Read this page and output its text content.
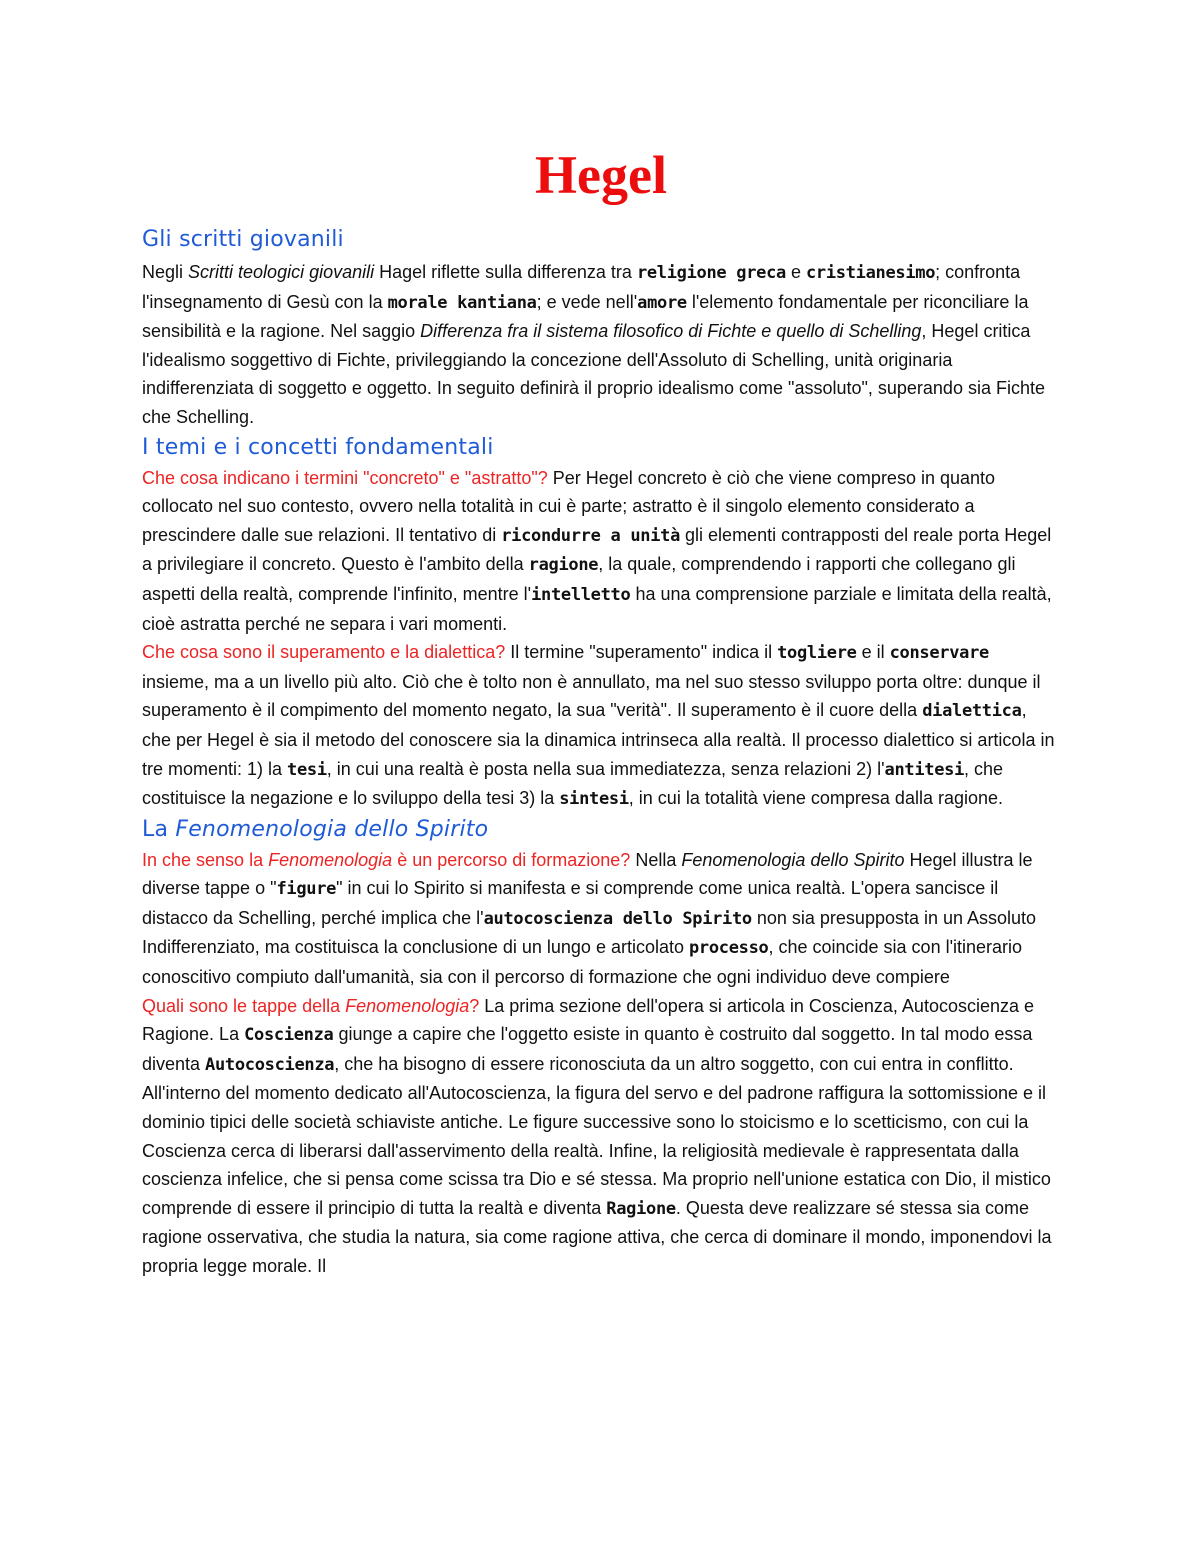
Hegel
Gli scritti giovanili

Negli Scritti teologici giovanili Hagel riflette sulla differenza tra religione greca e cristianesimo; confronta l'insegnamento di Gesù con la morale kantiana; e vede nell'amore l'elemento fondamentale per riconciliare la sensibilità e la ragione. Nel saggio Differenza fra il sistema filosofico di Fichte e quello di Schelling, Hegel critica l'idealismo soggettivo di Fichte, privileggiando la concezione dell'Assoluto di Schelling, unità originaria indifferenziata di soggetto e oggetto. In seguito definirà il proprio idealismo come "assoluto", superando sia Fichte che Schelling.

I temi e i concetti fondamentali

Che cosa indicano i termini "concreto" e "astratto"? Per Hegel concreto è ciò che viene compreso in quanto collocato nel suo contesto, ovvero nella totalità in cui è parte; astratto è il singolo elemento considerato a prescindere dalle sue relazioni. Il tentativo di ricondurre a unità gli elementi contrapposti del reale porta Hegel a privilegiare il concreto. Questo è l'ambito della ragione, la quale, comprendendo i rapporti che collegano gli aspetti della realtà, comprende l'infinito, mentre l'intelletto ha una comprensione parziale e limitata della realtà, cioè astratta perché ne separa i vari momenti.

Che cosa sono il superamento e la dialettica? Il termine "superamento" indica il togliere e il conservare insieme, ma a un livello più alto. Ciò che è tolto non è annullato, ma nel suo stesso sviluppo porta oltre: dunque il superamento è il compimento del momento negato, la sua "verità". Il superamento è il cuore della dialettica, che per Hegel è sia il metodo del conoscere sia la dinamica intrinseca alla realtà. Il processo dialettico si articola in tre momenti: 1) la tesi, in cui una realtà è posta nella sua immediatezza, senza relazioni 2) l'antitesi, che costituisce la negazione e lo sviluppo della tesi 3) la sintesi, in cui la totalità viene compresa dalla ragione.

La Fenomenologia dello Spirito

In che senso la Fenomenologia è un percorso di formazione? Nella Fenomenologia dello Spirito Hegel illustra le diverse tappe o "figure" in cui lo Spirito si manifesta e si comprende come unica realtà. L'opera sancisce il distacco da Schelling, perché implica che l'autocoscienza dello Spirito non sia presupposta in un Assoluto Indifferenziato, ma costituisca la conclusione di un lungo e articolato processo, che coincide sia con l'itinerario conoscitivo compiuto dall'umanità, sia con il percorso di formazione che ogni individuo deve compiere

Quali sono le tappe della Fenomenologia? La prima sezione dell'opera si articola in Coscienza, Autocoscienza e Ragione. La Coscienza giunge a capire che l'oggetto esiste in quanto è costruito dal soggetto. In tal modo essa diventa Autocoscienza, che ha bisogno di essere riconosciuta da un altro soggetto, con cui entra in conflitto. All'interno del momento dedicato all'Autocoscienza, la figura del servo e del padrone raffigura la sottomissione e il dominio tipici delle società schiaviste antiche. Le figure successive sono lo stoicismo e lo scetticismo, con cui la Coscienza cerca di liberarsi dall'asservimento della realtà. Infine, la religiosità medievale è rappresentata dalla coscienza infelice, che si pensa come scissa tra Dio e sé stessa. Ma proprio nell'unione estatica con Dio, il mistico comprende di essere il principio di tutta la realtà e diventa Ragione. Questa deve realizzare sé stessa sia come ragione osservativa, che studia la natura, sia come ragione attiva, che cerca di dominare il mondo, imponendovi la propria legge morale. Il
